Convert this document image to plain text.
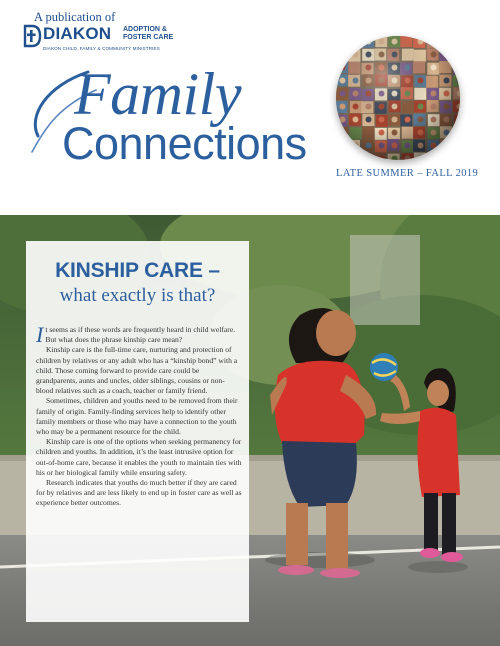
A publication of
DIAKON ADOPTION & FOSTER CARE
DIAKON CHILD, FAMILY & COMMUNITY MINISTRIES
Family
Connections
LATE SUMMER – FALL 2019
KINSHIP CARE –
what exactly is that?

It seems as if these words are frequently heard in child welfare. But what does the phrase kinship care mean?

Kinship care is the full-time care, nurturing and protection of children by relatives or any adult who has a “kinship bond” with a child. Those coming forward to provide care could be grandparents, aunts and uncles, older siblings, cousins or non-blood relatives such as a coach, teacher or family friend.

Sometimes, children and youths need to be removed from their family of origin. Family-finding services help to identify other family members or those who may have a connection to the youth who may be a permanent resource for the child.

Kinship care is one of the options when seeking permanency for children and youths. In addition, it’s the least intrusive option for out-of-home care, because it enables the youth to maintain ties with his or her biological family while ensuring safety.

Research indicates that youths do much better if they are cared for by relatives and are less likely to end up in foster care as well as experience better outcomes.
